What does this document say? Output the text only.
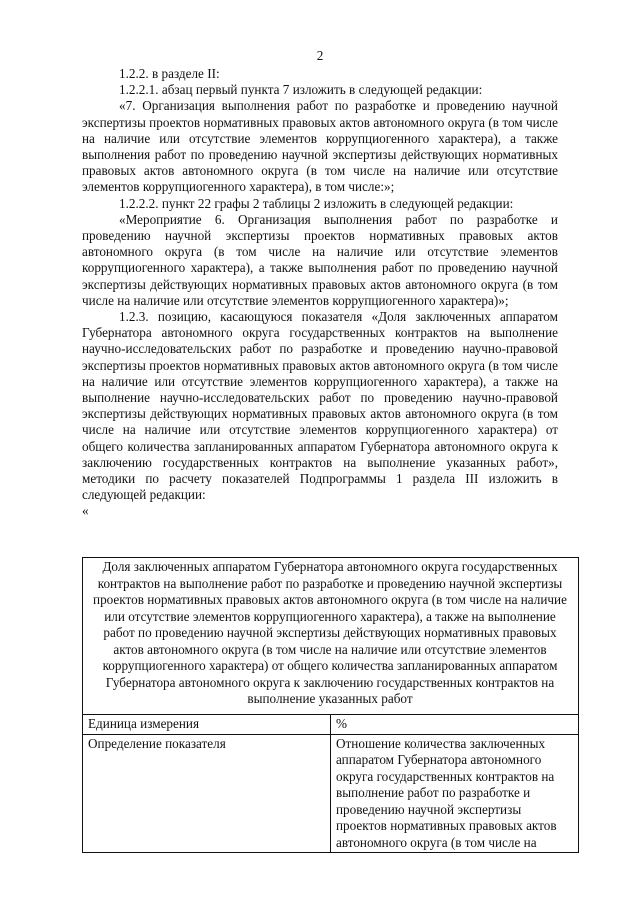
2

1.2.2. в разделе II:

1.2.2.1. абзац первый пункта 7 изложить в следующей редакции:

«7. Организация выполнения работ по разработке и проведению научной экспертизы проектов нормативных правовых актов автономного округа (в том числе на наличие или отсутствие элементов коррупциогенного характера), а также выполнения работ по проведению научной экспертизы действующих нормативных правовых актов автономного округа (в том числе на наличие или отсутствие элементов коррупциогенного характера), в том числе:»;

1.2.2.2. пункт 22 графы 2 таблицы 2 изложить в следующей редакции:

«Мероприятие 6. Организация выполнения работ по разработке и проведению научной экспертизы проектов нормативных правовых актов автономного округа (в том числе на наличие или отсутствие элементов коррупциогенного характера), а также выполнения работ по проведению научной экспертизы действующих нормативных правовых актов автономного округа (в том числе на наличие или отсутствие элементов коррупциогенного характера)»;

1.2.3. позицию, касающуюся показателя «Доля заключенных аппаратом Губернатора автономного округа государственных контрактов на выполнение научно-исследовательских работ по разработке и проведению научно-правовой экспертизы проектов нормативных правовых актов автономного округа (в том числе на наличие или отсутствие элементов коррупциогенного характера), а также на выполнение научно-исследовательских работ по проведению научно-правовой экспертизы действующих нормативных правовых актов автономного округа (в том числе на наличие или отсутствие элементов коррупциогенного характера) от общего количества запланированных аппаратом Губернатора автономного округа к заключению государственных контрактов на выполнение указанных работ», методики по расчету показателей Подпрограммы 1 раздела III изложить в следующей редакции:

«

Доля заключенных аппаратом Губернатора автономного округа государственных контрактов на выполнение работ по разработке и проведению научной экспертизы проектов нормативных правовых актов автономного округа (в том числе на наличие или отсутствие элементов коррупциогенного характера), а также на выполнение работ по проведению научной экспертизы действующих нормативных правовых актов автономного округа (в том числе на наличие или отсутствие элементов коррупциогенного характера) от общего количества запланированных аппаратом Губернатора автономного округа к заключению государственных контрактов на выполнение указанных работ	
Единица измерения	%
Определение показателя	Отношение количества заключенных аппаратом Губернатора автономного округа государственных контрактов на выполнение работ по разработке и проведению научной экспертизы проектов нормативных правовых актов автономного округа (в том числе на
